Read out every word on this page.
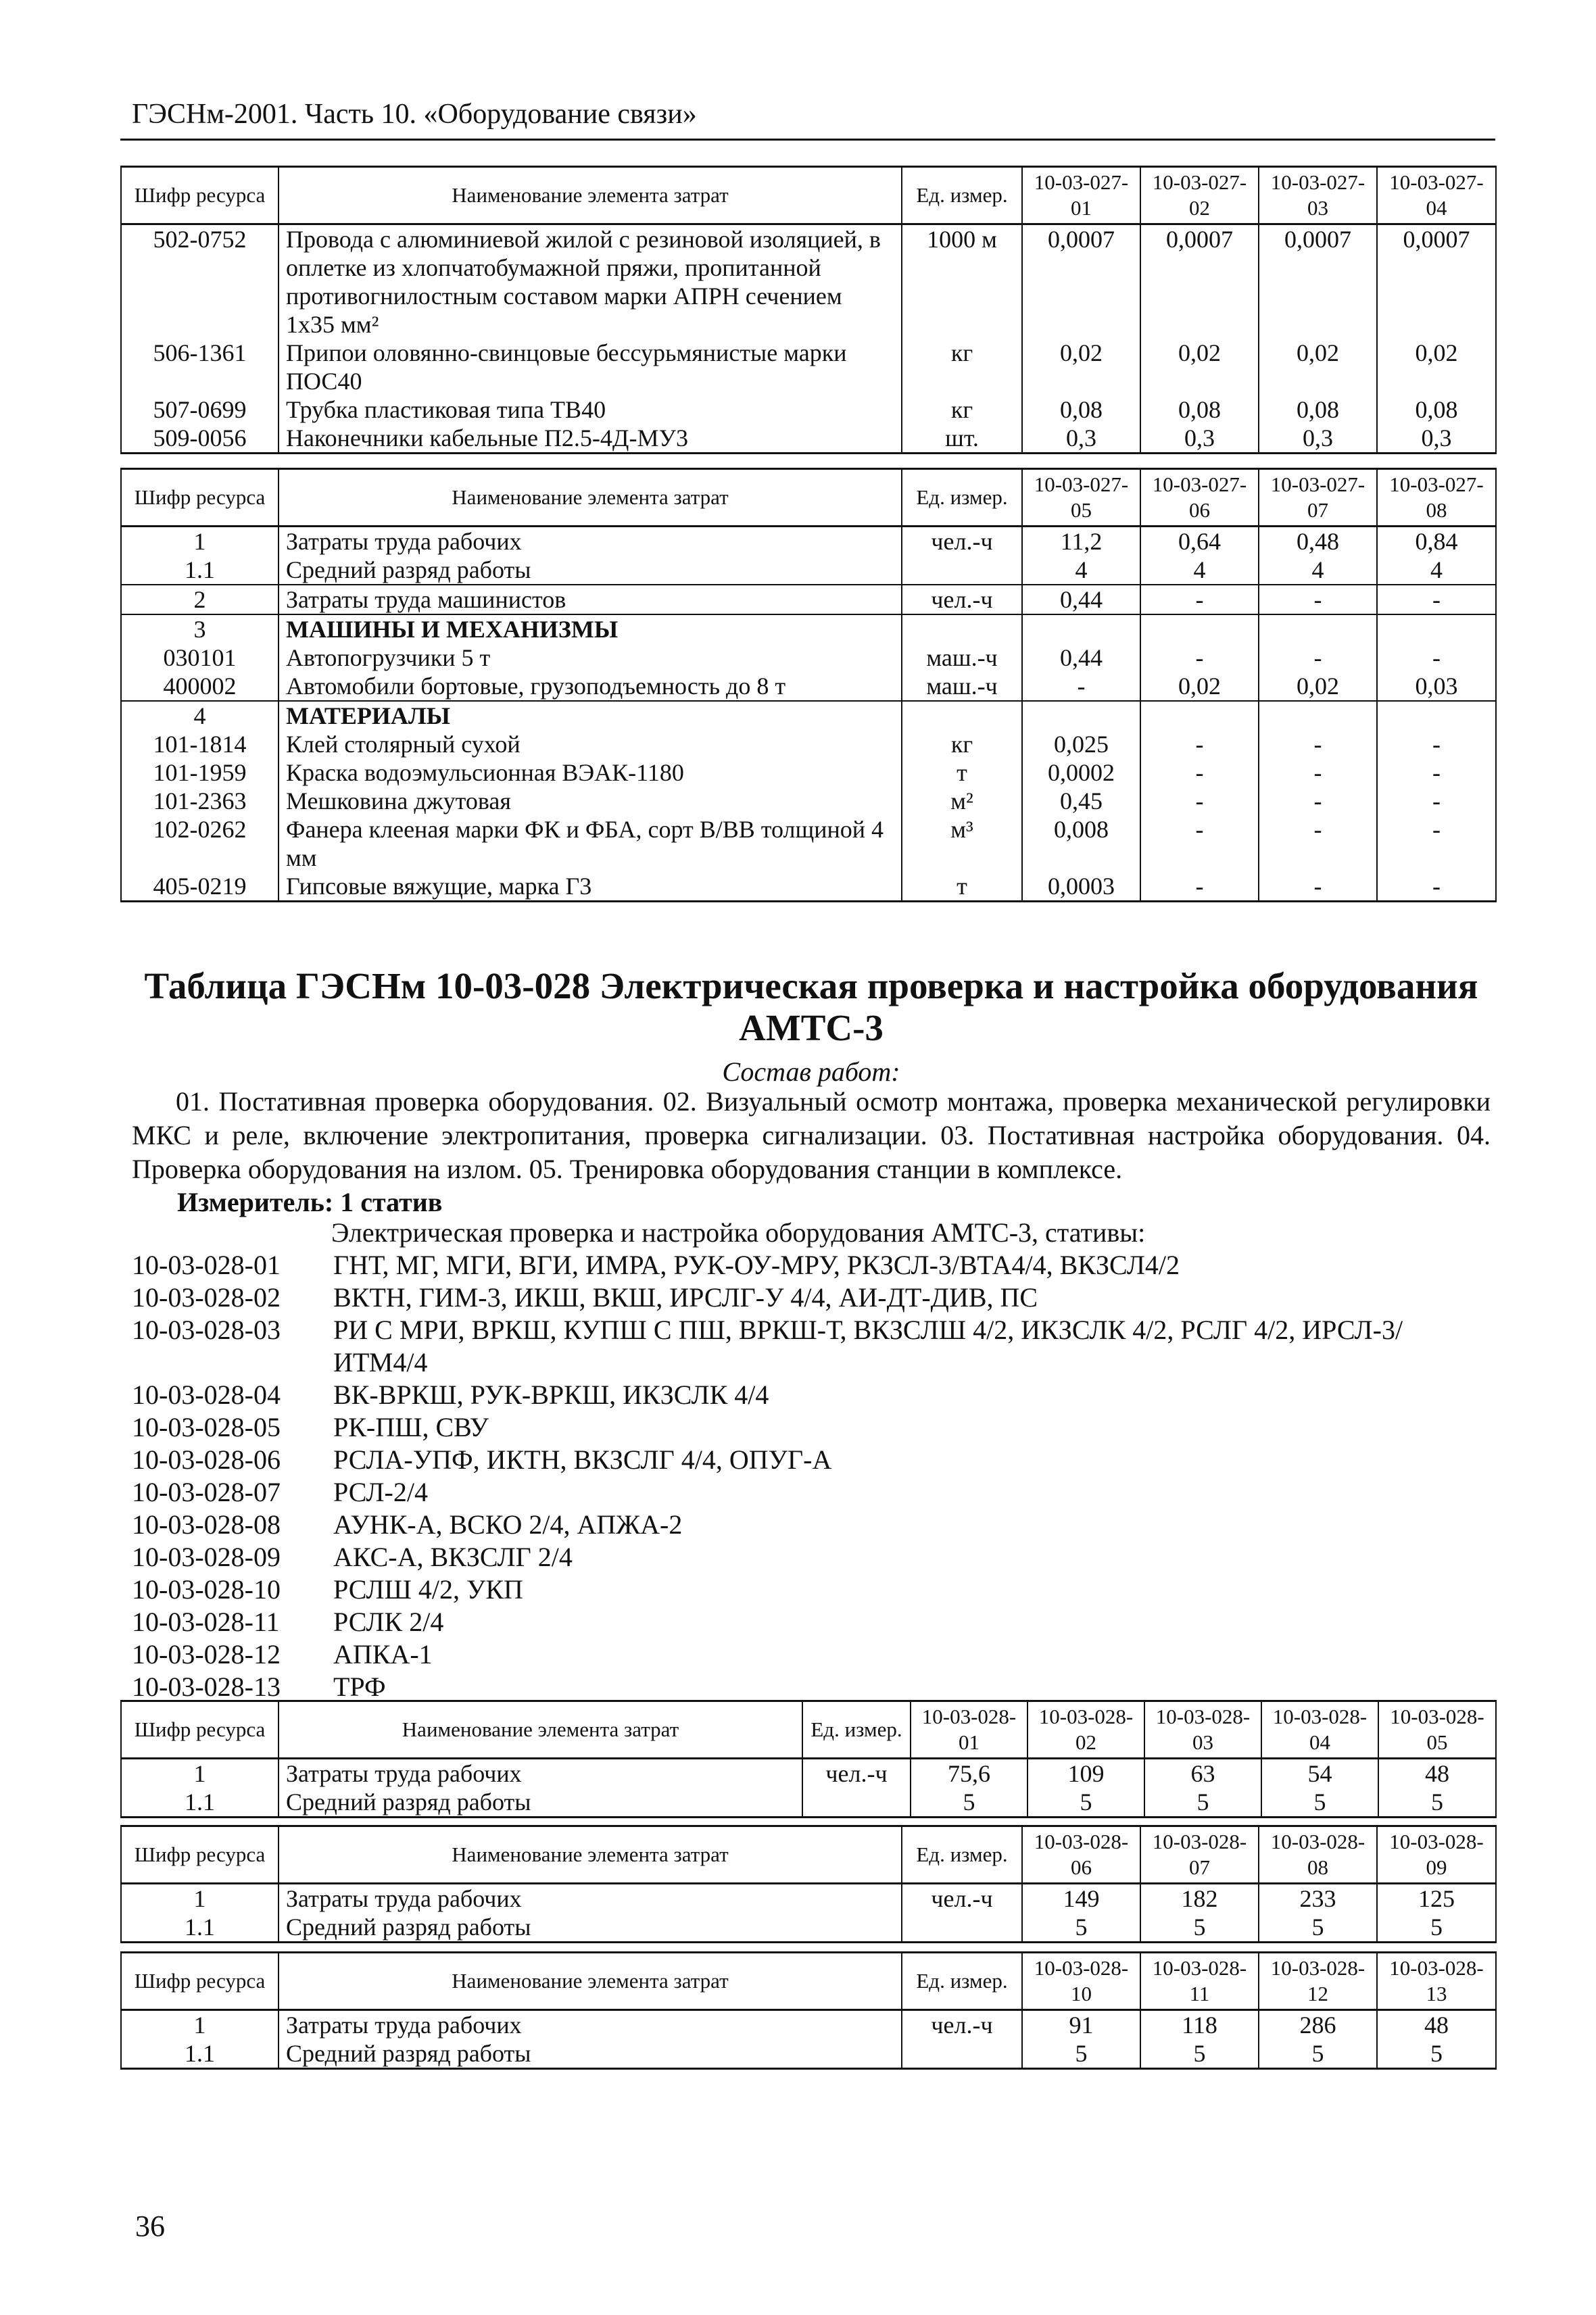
ГЭСНм-2001. Часть 10. «Оборудование связи»
Шифр ресурса	Наименование элемента затрат	Ед. измер.	10-03-027-01	10-03-027-02	10-03-027-03	10-03-027-04
502-0752	Провода с алюминиевой жилой с резиновой изоляцией, в оплетке из хлопчатобумажной пряжи, пропитанной противогнилостным составом марки АПРН сечением 1х35 мм²	1000 м	0,0007	0,0007	0,0007	0,0007
506-1361	Припои оловянно-свинцовые бессурьмянистые марки ПОС40	кг	0,02	0,02	0,02	0,02
507-0699	Трубка пластиковая типа ТВ40	кг	0,08	0,08	0,08	0,08
509-0056	Наконечники кабельные П2.5-4Д-МУ3	шт.	0,3	0,3	0,3	0,3
Шифр ресурса	Наименование элемента затрат	Ед. измер.	10-03-027-05	10-03-027-06	10-03-027-07	10-03-027-08
1	Затраты труда рабочих	чел.-ч	11,2	0,64	0,48	0,84
1.1	Средний разряд работы		4	4	4	4
2	Затраты труда машинистов	чел.-ч	0,44	-	-	-
3	МАШИНЫ И МЕХАНИЗМЫ					
030101	Автопогрузчики 5 т	маш.-ч	0,44	-	-	-
400002	Автомобили бортовые, грузоподъемность до 8 т	маш.-ч	-	0,02	0,02	0,03
4	МАТЕРИАЛЫ					
101-1814	Клей столярный сухой	кг	0,025	-	-	-
101-1959	Краска водоэмульсионная ВЭАК-1180	т	0,0002	-	-	-
101-2363	Мешковина джутовая	м²	0,45	-	-	-
102-0262	Фанера клееная марки ФК и ФБА, сорт В/ВВ толщиной 4 мм	м³	0,008	-	-	-
405-0219	Гипсовые вяжущие, марка Г3	т	0,0003	-	-	-
Таблица ГЭСНм 10-03-028 Электрическая проверка и настройка оборудования АМТС-3
Состав работ:
01. Постативная проверка оборудования. 02. Визуальный осмотр монтажа, проверка механической регулировки МКС и реле, включение электропитания, проверка сигнализации. 03. Постативная настройка оборудования. 04. Проверка оборудования на излом. 05. Тренировка оборудования станции в комплексе.
Измеритель: 1 статив
Электрическая проверка и настройка оборудования АМТС-3, стативы:
10-03-028-01	ГНТ, МГ, МГИ, ВГИ, ИМРА, РУК-ОУ-МРУ, РКЗСЛ-3/ВТА4/4, ВКЗСЛ4/2
10-03-028-02	ВКТН, ГИМ-3, ИКШ, ВКШ, ИРСЛГ-У 4/4, АИ-ДТ-ДИВ, ПС
10-03-028-03	РИ С МРИ, ВРКШ, КУПШ С ПШ, ВРКШ-Т, ВКЗСЛШ 4/2, ИКЗСЛК 4/2, РСЛГ 4/2, ИРСЛ-3/ИТМ4/4
10-03-028-04	ВК-ВРКШ, РУК-ВРКШ, ИКЗСЛК 4/4
10-03-028-05	РК-ПШ, СВУ
10-03-028-06	РСЛА-УПФ, ИКТН, ВКЗСЛГ 4/4, ОПУГ-А
10-03-028-07	РСЛ-2/4
10-03-028-08	АУНК-А, ВСКО 2/4, АПЖА-2
10-03-028-09	АКС-А, ВКЗСЛГ 2/4
10-03-028-10	РСЛШ 4/2, УКП
10-03-028-11	РСЛК 2/4
10-03-028-12	АПКА-1
10-03-028-13	ТРФ
Шифр ресурса	Наименование элемента затрат	Ед. измер.	10-03-028-01	10-03-028-02	10-03-028-03	10-03-028-04	10-03-028-05
1	Затраты труда рабочих	чел.-ч	75,6	109	63	54	48
1.1	Средний разряд работы		5	5	5	5	5
Шифр ресурса	Наименование элемента затрат	Ед. измер.	10-03-028-06	10-03-028-07	10-03-028-08	10-03-028-09
1	Затраты труда рабочих	чел.-ч	149	182	233	125
1.1	Средний разряд работы		5	5	5	5
Шифр ресурса	Наименование элемента затрат	Ед. измер.	10-03-028-10	10-03-028-11	10-03-028-12	10-03-028-13
1	Затраты труда рабочих	чел.-ч	91	118	286	48
1.1	Средний разряд работы		5	5	5	5
36
